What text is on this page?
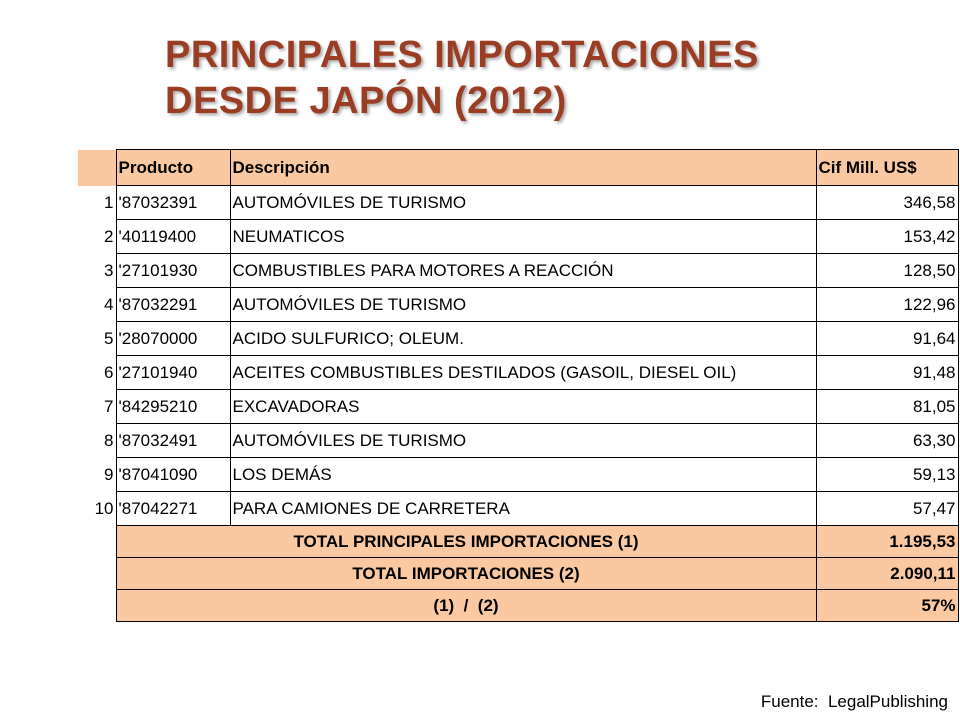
PRINCIPALES IMPORTACIONES
DESDE JAPÓN (2012)
	Producto	Descripción	Cif Mill. US$
1	'87032391	AUTOMÓVILES DE TURISMO	346,58
2	'40119400	NEUMATICOS	153,42
3	'27101930	COMBUSTIBLES PARA MOTORES A REACCIÓN	128,50
4	'87032291	AUTOMÓVILES DE TURISMO	122,96
5	'28070000	ACIDO SULFURICO; OLEUM.	91,64
6	'27101940	ACEITES COMBUSTIBLES DESTILADOS (GASOIL, DIESEL OIL)	91,48
7	'84295210	EXCAVADORAS	81,05
8	'87032491	AUTOMÓVILES DE TURISMO	63,30
9	'87041090	LOS DEMÁS	59,13
10	'87042271	PARA CAMIONES DE CARRETERA	57,47
	TOTAL PRINCIPALES IMPORTACIONES (1)		1.195,53
	TOTAL IMPORTACIONES (2)		2.090,11
	(1)  /  (2)		57%
Fuente:  LegalPublishing
